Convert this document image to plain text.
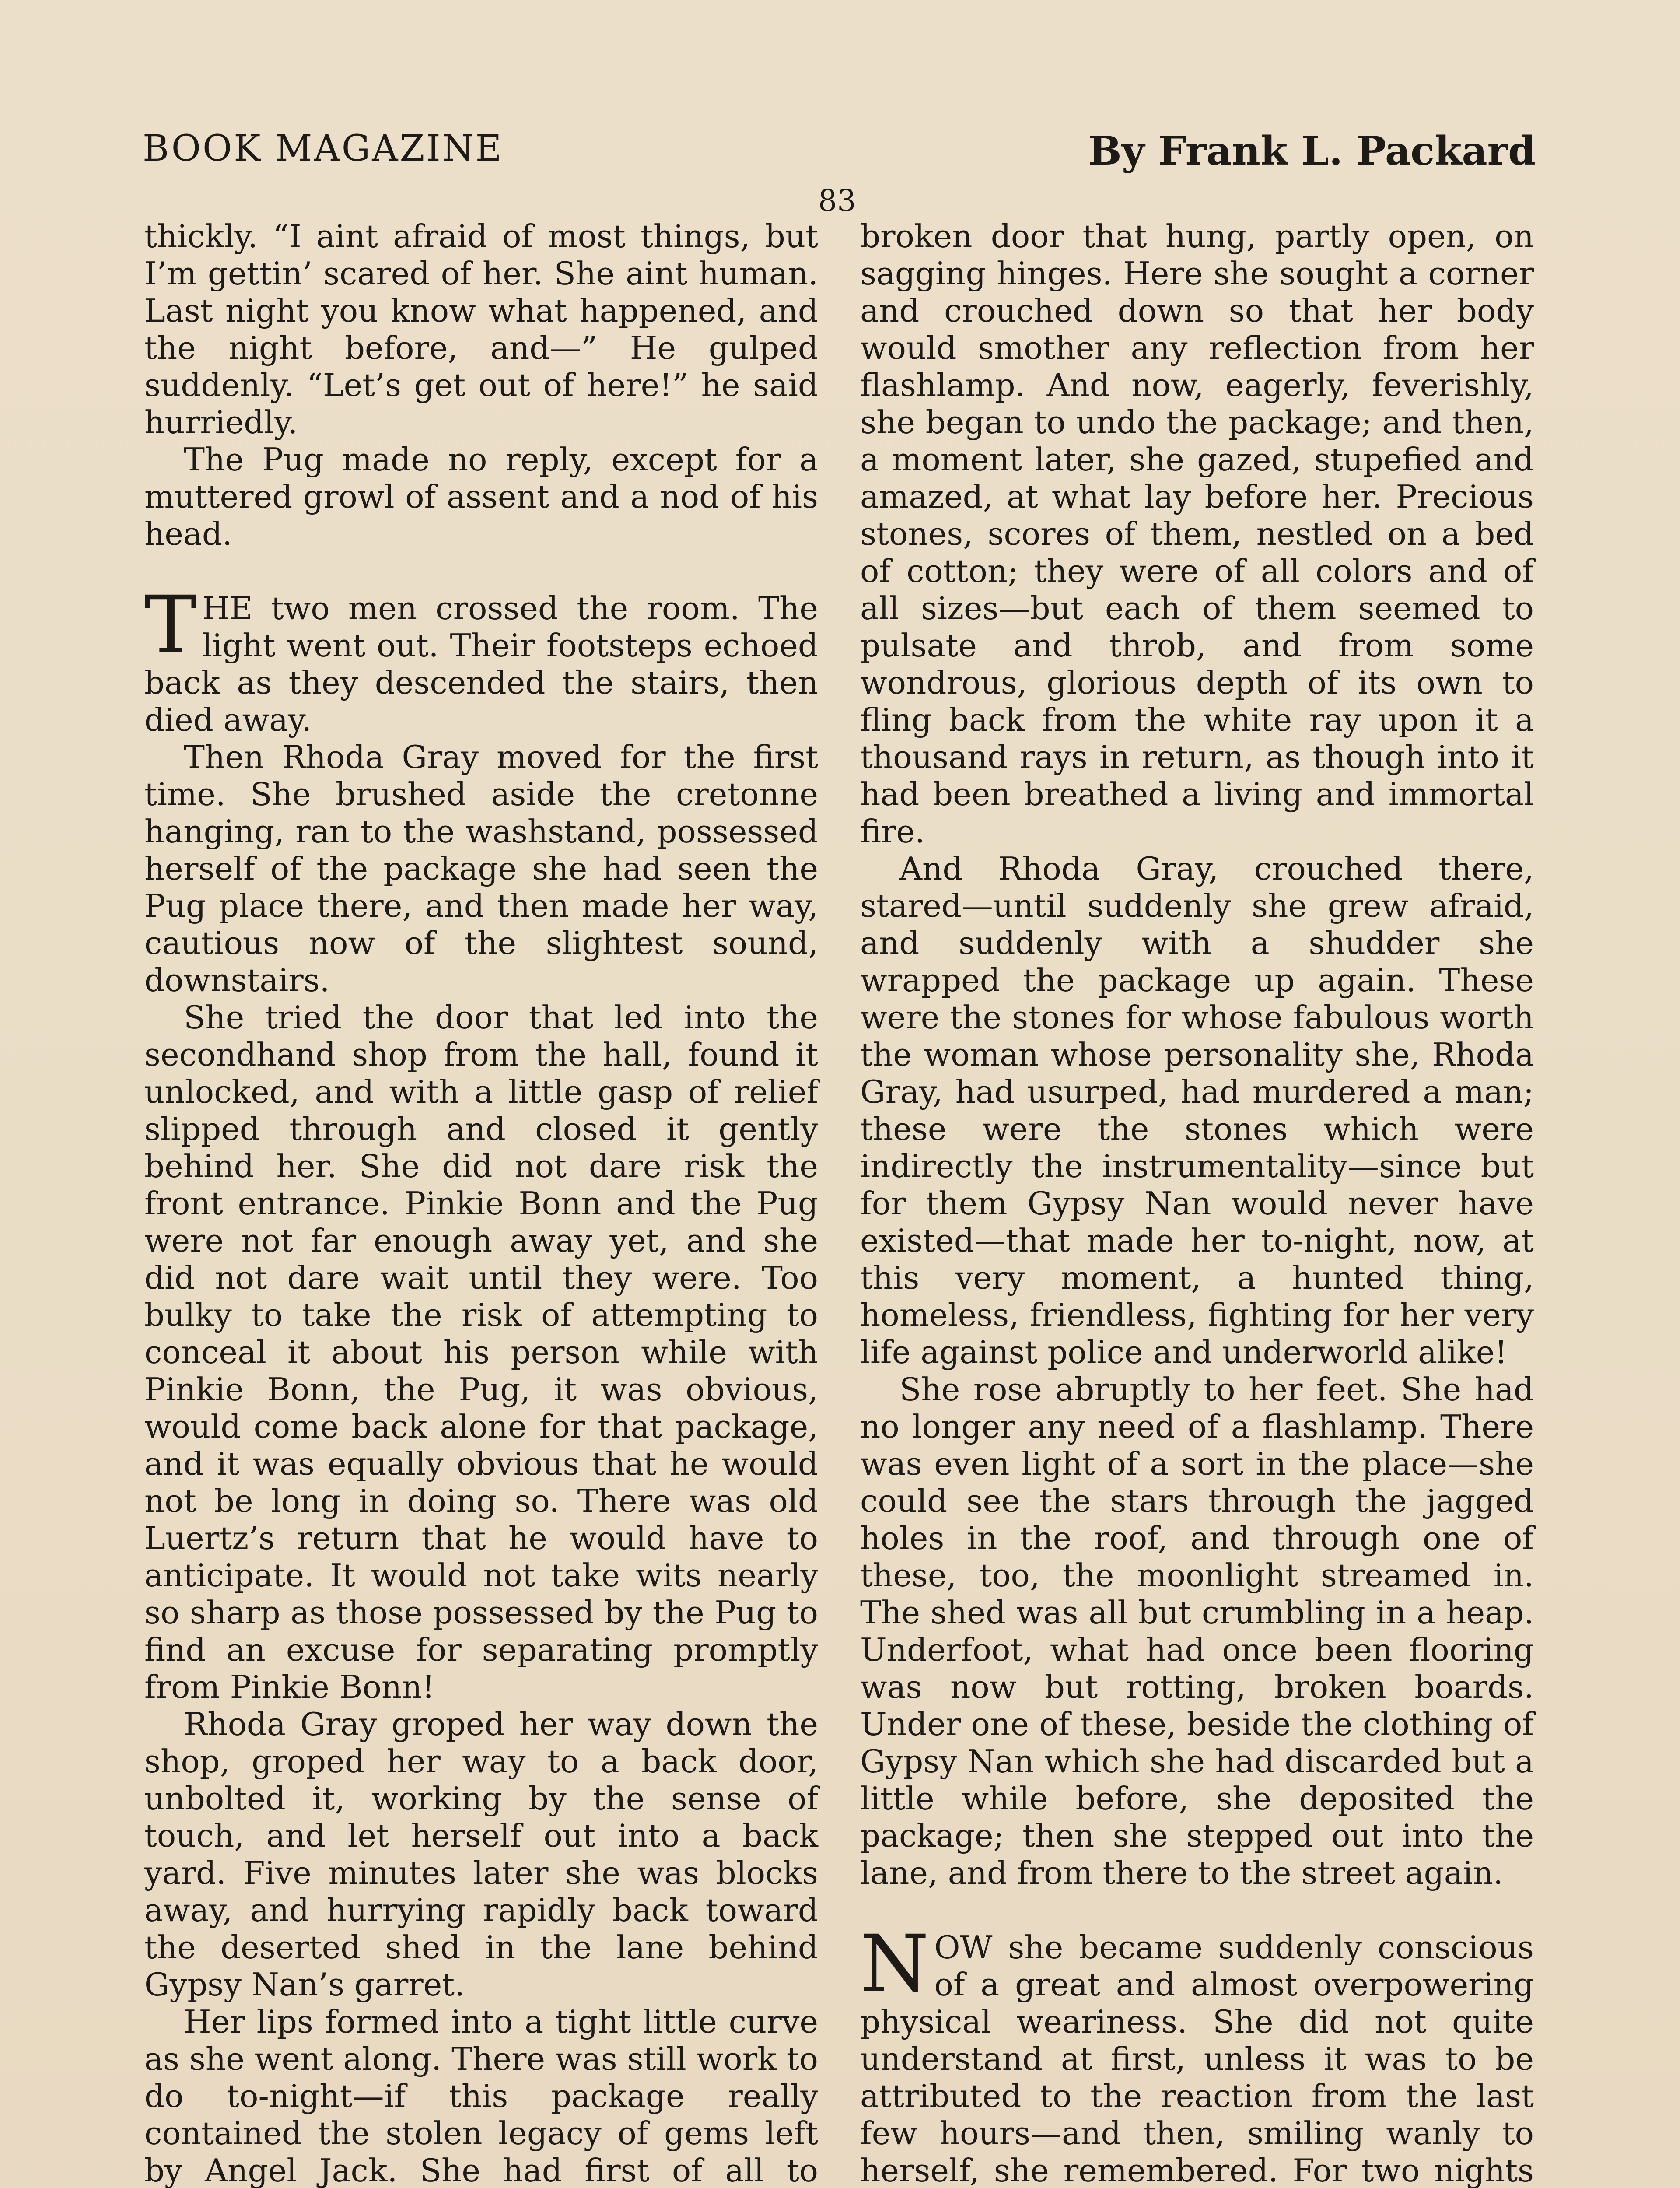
BOOK MAGAZINE	By Frank L. Packard
83

thickly. “I aint afraid of most things, but I’m gettin’ scared of her. She aint human. Last night you know what happened, and the night before, and—” He gulped suddenly. “Let’s get out of here!” he said hurriedly.

The Pug made no reply, except for a muttered growl of assent and a nod of his head.

THE two men crossed the room. The light went out. Their footsteps echoed back as they descended the stairs, then died away.

Then Rhoda Gray moved for the first time. She brushed aside the cretonne hanging, ran to the washstand, possessed herself of the package she had seen the Pug place there, and then made her way, cautious now of the slightest sound, downstairs.

She tried the door that led into the secondhand shop from the hall, found it unlocked, and with a little gasp of relief slipped through and closed it gently behind her. She did not dare risk the front entrance. Pinkie Bonn and the Pug were not far enough away yet, and she did not dare wait until they were. Too bulky to take the risk of attempting to conceal it about his person while with Pinkie Bonn, the Pug, it was obvious, would come back alone for that package, and it was equally obvious that he would not be long in doing so. There was old Luertz’s return that he would have to anticipate. It would not take wits nearly so sharp as those possessed by the Pug to find an excuse for separating promptly from Pinkie Bonn!

Rhoda Gray groped her way down the shop, groped her way to a back door, unbolted it, working by the sense of touch, and let herself out into a back yard. Five minutes later she was blocks away, and hurrying rapidly back toward the deserted shed in the lane behind Gypsy Nan’s garret.

Her lips formed into a tight little curve as she went along. There was still work to do to-night—if this package really contained the stolen legacy of gems left by Angel Jack. She had first of all to

broken door that hung, partly open, on sagging hinges. Here she sought a corner and crouched down so that her body would smother any reflection from her flashlamp. And now, eagerly, feverishly, she began to undo the package; and then, a moment later, she gazed, stupefied and amazed, at what lay before her. Precious stones, scores of them, nestled on a bed of cotton; they were of all colors and of all sizes—but each of them seemed to pulsate and throb, and from some wondrous, glorious depth of its own to fling back from the white ray upon it a thousand rays in return, as though into it had been breathed a living and immortal fire.

And Rhoda Gray, crouched there, stared—until suddenly she grew afraid, and suddenly with a shudder she wrapped the package up again. These were the stones for whose fabulous worth the woman whose personality she, Rhoda Gray, had usurped, had murdered a man; these were the stones which were indirectly the instrumentality—since but for them Gypsy Nan would never have existed—that made her to-night, now, at this very moment, a hunted thing, homeless, friendless, fighting for her very life against police and underworld alike!

She rose abruptly to her feet. She had no longer any need of a flashlamp. There was even light of a sort in the place—she could see the stars through the jagged holes in the roof, and through one of these, too, the moonlight streamed in. The shed was all but crumbling in a heap. Underfoot, what had once been flooring was now but rotting, broken boards. Under one of these, beside the clothing of Gypsy Nan which she had discarded but a little while before, she deposited the package; then she stepped out into the lane, and from there to the street again.

NOW she became suddenly conscious of a great and almost overpowering physical weariness. She did not quite understand at first, unless it was to be attributed to the reaction from the last few hours—and then, smiling wanly to herself, she remembered. For two nights
